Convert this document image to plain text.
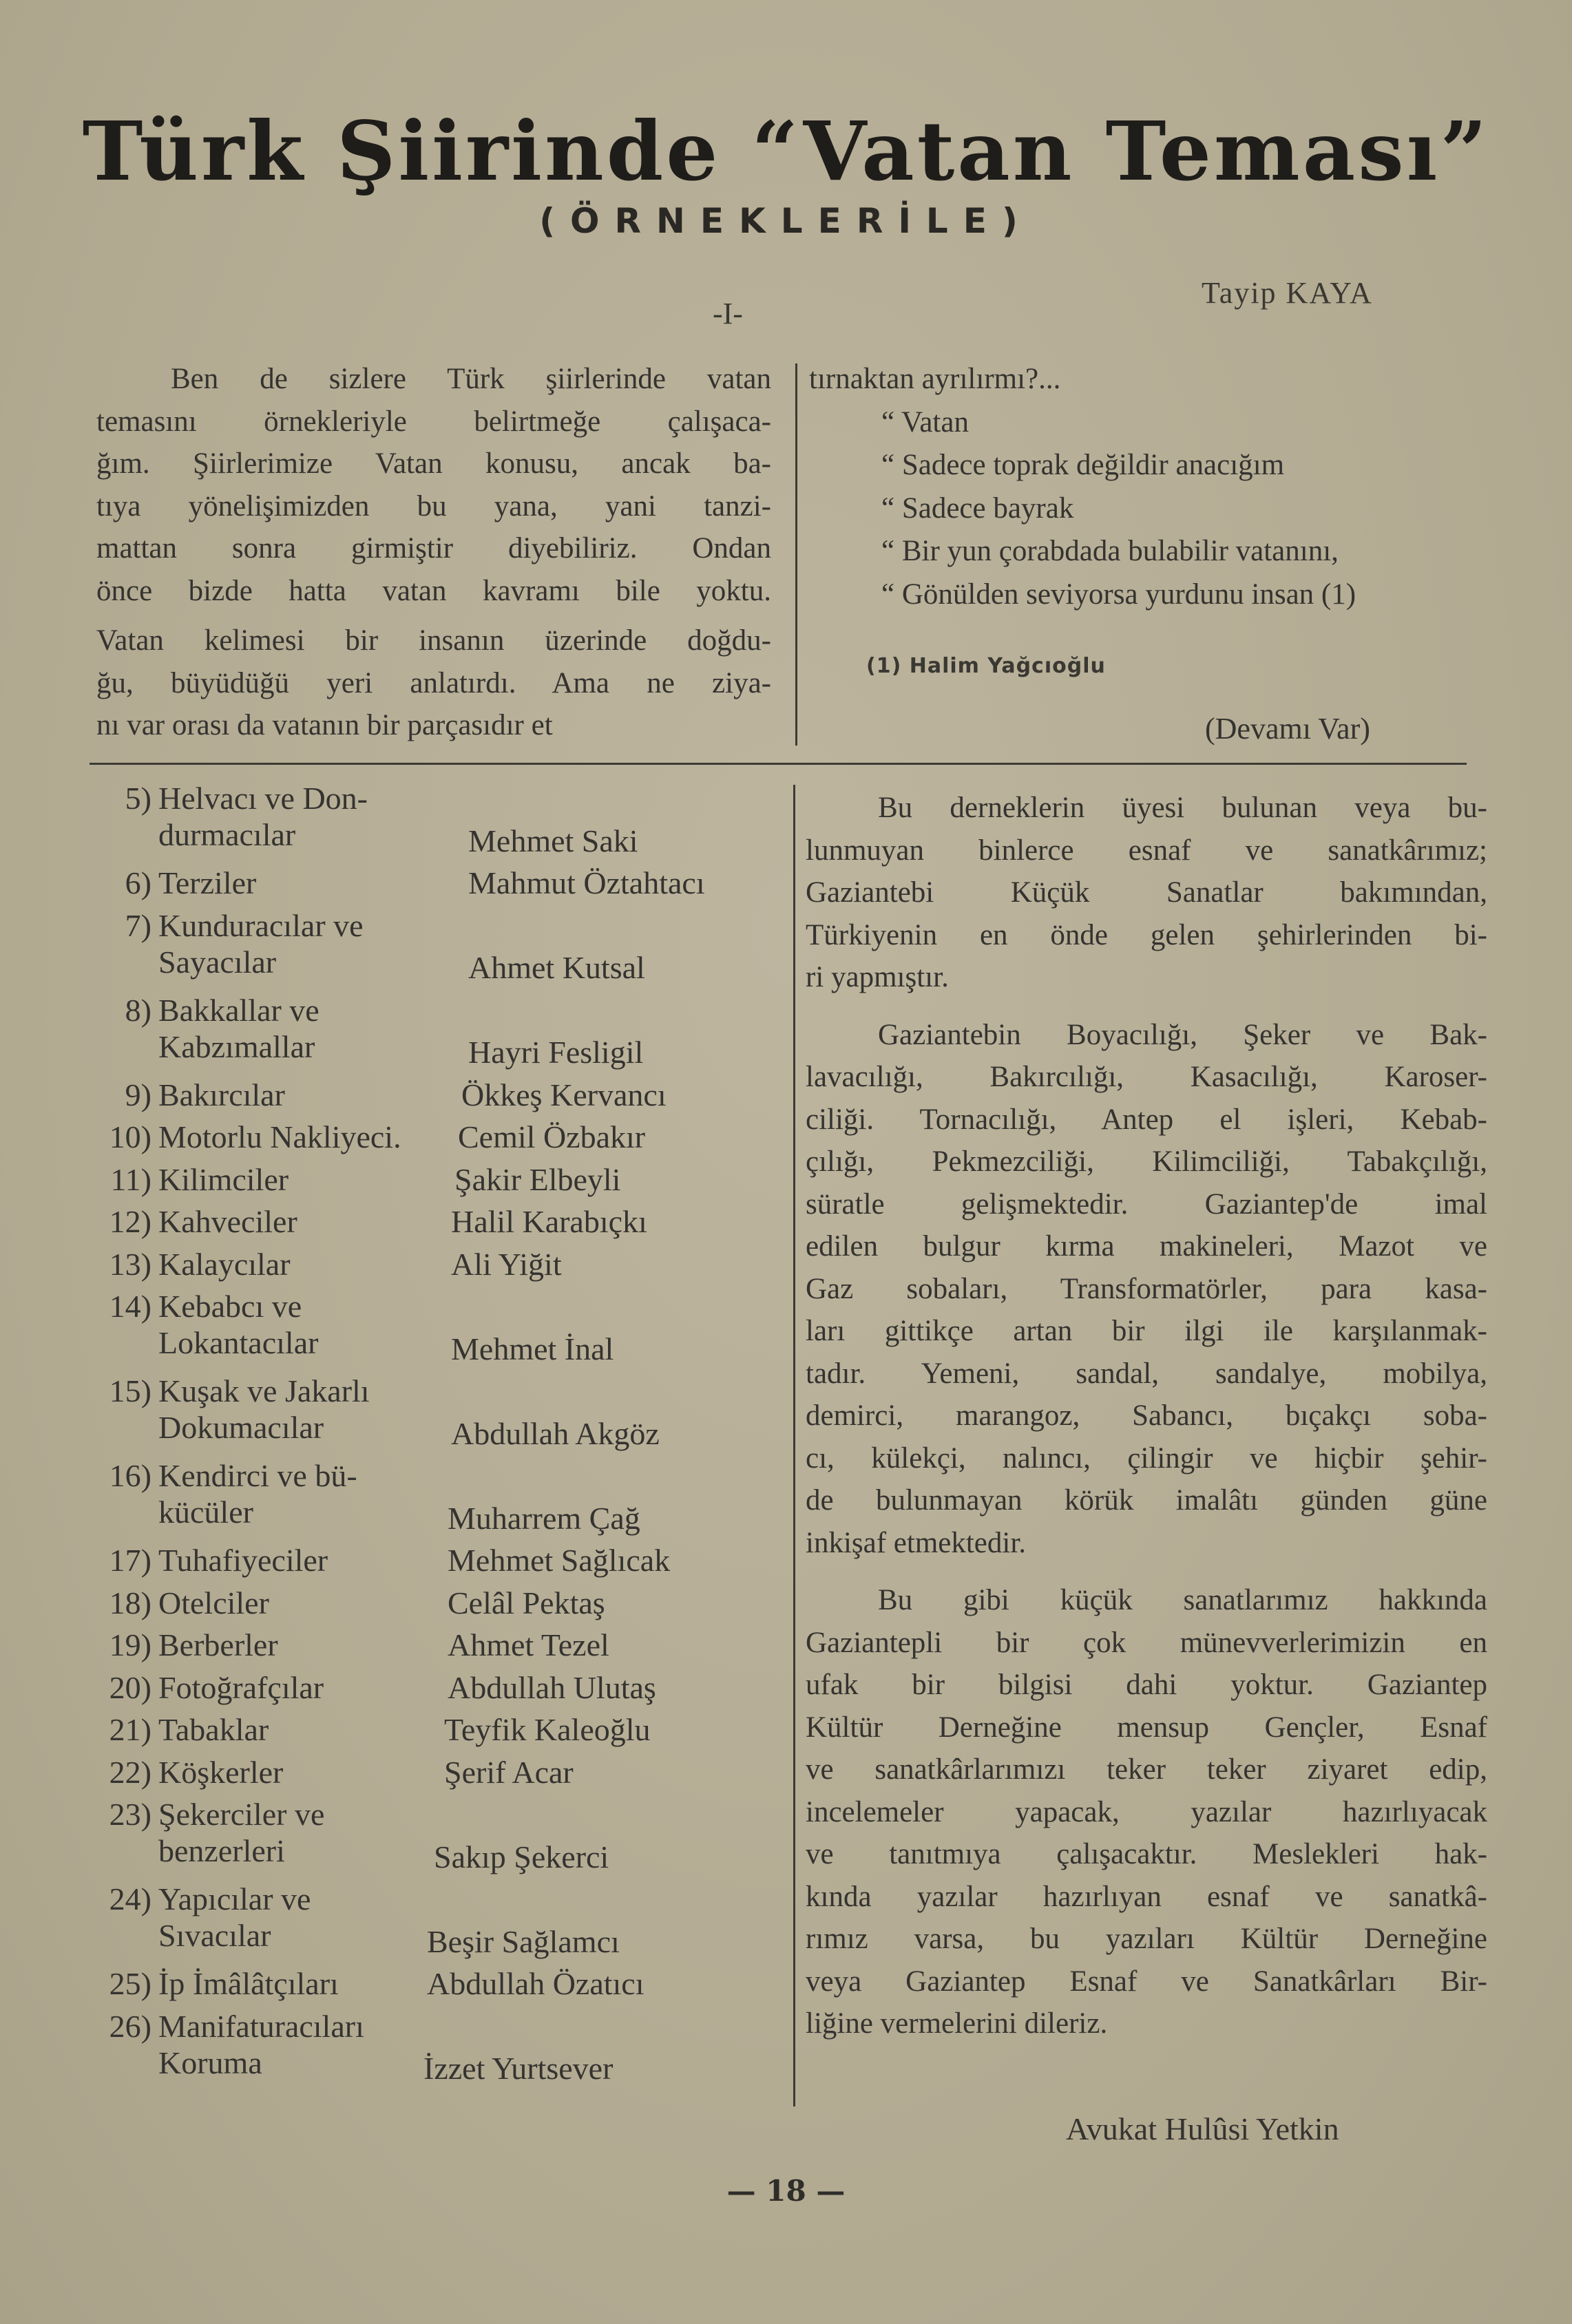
Türk Şiirinde “Vatan Teması”
(ÖRNEKLERİLE)
-I-
Tayip KAYA
Ben de sizlere Türk şiirlerinde vatan
temasını örnekleriyle belirtmeğe çalışaca-
ğım. Şiirlerimize Vatan konusu, ancak ba-
tıya yönelişimizden bu yana, yani tanzi-
mattan sonra girmiştir diyebiliriz. Ondan
önce bizde hatta vatan kavramı bile yoktu.
Vatan kelimesi bir insanın üzerinde doğdu-
ğu, büyüdüğü yeri anlatırdı. Ama ne ziya-
nı var orası da vatanın bir parçasıdır et
tırnaktan ayrılırmı?...
“ Vatan
“ Sadece toprak değildir anacığım
“ Sadece bayrak
“ Bir yun çorabdada bulabilir vatanını,
“ Gönülden seviyorsa yurdunu insan (1)
(1) Halim Yağcıoğlu
(Devamı Var)
5) Helvacı ve Don-
durmacılar	Mehmet Saki
6) Terziler	Mahmut Öztahtacı
7) Kunduracılar ve
Sayacılar	Ahmet Kutsal
8) Bakkallar ve
Kabzımallar	Hayri Fesligil
9) Bakırcılar	Ökkeş Kervancı
10) Motorlu Nakliyeci. Cemil Özbakır
11) Kilimciler	Şakir Elbeyli
12) Kahveciler	Halil Karabıçkı
13) Kalaycılar	Ali Yiğit
14) Kebabcı ve
Lokantacılar	Mehmet İnal
15) Kuşak ve Jakarlı
Dokumacılar	Abdullah Akgöz
16) Kendirci ve bü-
kücüler	Muharrem Çağ
17) Tuhafiyeciler	Mehmet Sağlıcak
18) Otelciler	Celâl Pektaş
19) Berberler	Ahmet Tezel
20) Fotoğrafçılar	Abdullah Ulutaş
21) Tabaklar	Teyfik Kaleoğlu
22) Köşkerler	Şerif Acar
23) Şekerciler ve
benzerleri	Sakıp Şekerci
24) Yapıcılar ve
Sıvacılar	Beşir Sağlamcı
25) İp İmâlâtçıları	Abdullah Özatıcı
26) Manifaturacıları
Koruma	İzzet Yurtsever
Bu derneklerin üyesi bulunan veya bu-
lunmuyan binlerce esnaf ve sanatkârımız;
Gaziantebi Küçük Sanatlar bakımından,
Türkiyenin en önde gelen şehirlerinden bi-
ri yapmıştır.
Gaziantebin Boyacılığı, Şeker ve Bak-
lavacılığı, Bakırcılığı, Kasacılığı, Karoser-
ciliği. Tornacılığı, Antep el işleri, Kebab-
çılığı, Pekmezciliği, Kilimciliği, Tabakçılığı,
süratle gelişmektedir. Gaziantep'de imal
edilen bulgur kırma makineleri, Mazot ve
Gaz sobaları, Transformatörler, para kasa-
ları gittikçe artan bir ilgi ile karşılanmak-
tadır. Yemeni, sandal, sandalye, mobilya,
demirci, marangoz, Sabancı, bıçakçı soba-
cı, külekçi, nalıncı, çilingir ve hiçbir şehir-
de bulunmayan körük imalâtı günden güne
inkişaf etmektedir.
Bu gibi küçük sanatlarımız hakkında
Gaziantepli bir çok münevverlerimizin en
ufak bir bilgisi dahi yoktur. Gaziantep
Kültür Derneğine mensup Gençler, Esnaf
ve sanatkârlarımızı teker teker ziyaret edip,
incelemeler yapacak, yazılar hazırlıyacak
ve tanıtmıya çalışacaktır. Meslekleri hak-
kında yazılar hazırlıyan esnaf ve sanatkâ-
rımız varsa, bu yazıları Kültür Derneğine
veya Gaziantep Esnaf ve Sanatkârları Bir-
liğine vermelerini dileriz.
Avukat Hulûsi Yetkin
— 18 —
